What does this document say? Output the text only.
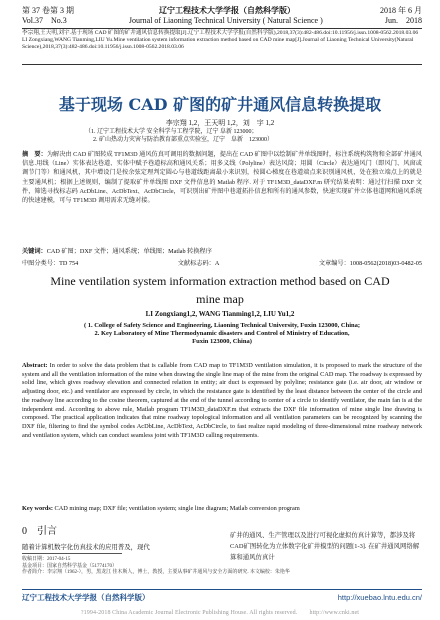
第 37 卷第 3 期	辽宁工程技术大学学报（自然科学版）	2018 年 6 月
Vol.37　No.3	Journal of Liaoning Technical University ( Natural Science )	Jun.　2018
李宗翔,王天明,刘宇.基于现场 CAD 矿图的矿井通风信息转换提取[J].辽宁工程技术大学学报(自然科学版),2018,37(3):482-486.doi:10.11956/j.issn.1008-0562.2018.03.06
LI Zongxiang,WANG Tianming,LIU Yu.Mine ventilation system information extraction method based on CAD mine map[J].Journal of Liaoning Technical University(Natural Science),2018,37(3):482-486.doi:10.11956/j.issn.1008-0562.2018.03.06
基于现场 CAD 矿图的矿井通风信息转换提取
李宗翔 1,2，王天明 1,2，刘　宇 1,2
（1. 辽宁工程技术大学 安全科学与工程学院，辽宁 阜新 123000；
2. 矿山热动力灾害与防治教育部重点实验室，辽宁　阜新　123000）
摘　要：为解决由 CAD 矿图转成 TF1M3D 通风仿真可调用的数据问题，提出在 CAD 矿图中以绘制矿井单线图时，标注系统构筑物和全部矿井通风信息.用线（Line）实体表达巷道、实体中赋予巷道标高和通风关系；用多义线（Polyline）表达风筒；用圆（Circle）表达通风门（即风门、风窗或调节门等）和通风机，其中增设门是按余弦定理判定圆心与巷道线距离最小来识别，按圆心梯度在巷道端点来识别通风机，处在独立端点上的就是主要通风机；根据上述规则，编制了提取矿井单线图 DXF 文件信息的 Matlab 程序. 对于 TF1M3D_dataDXF.m 研究结果表明：通过行扫描 DXF 文件，筛选寻找标志码 AcDbLine、AcDbText、AcDbCircle，可识别出矿井图中巷道拓扑信息和所有的通风参数，快速实现矿井立体巷道网和通风系统的快速建模，可与 TF1M3D 调用需求无缝对接。
关键词：CAD 矿图；DXF 文件；通风系统；单线图；Matlab 转换程序
中图分类号：TD 754	文献标志码：A	文章编号：1008-0562(2018)03-0482-05
Mine ventilation system information extraction method based on CAD mine map
LI Zongxiang1,2, WANG Tianming1,2, LIU Yu1,2
( 1. College of Safety Science and Engineering, Liaoning Technical University, Fuxin 123000, China;
2. Key Laboratory of Mine Thermodynamic disasters and Control of Ministry of Education,
Fuxin 123000, China)
Abstract: In order to solve the data problem that is callable from CAD map to TF1M3D ventilation simulation, it is proposed to mark the structure of the system and all the ventilation information of the mine when drawing the single line map of the mine from the original CAD map. The roadway is expressed by solid line, which gives roadway elevation and connected relation in entity; air duct is expressed by polyline; resistance gate (i.e. air door, air window or adjusting door, etc.) and ventilator are expressed by circle, in which the resistance gate is identified by the least distance between the center of the circle and the roadway line according to the cosine theorem, captured at the end of the tunnel according to center of a circle to identify ventilator, the main fan is at the independent end. According to above rule, Matlab program TF1M3D_dataDXF.m that extracts the DXF file information of mine single line drawing is composed. The practical application indicates that mine roadway topological information and all ventilation parameters can be recognized by scanning the DXF file, filtering to find the symbol codes AcDbLine, AcDbText, AcDbCircle, to fast realize rapid modeling of three-dimensional mine roadway network and ventilation system, which can conduct seamless joint with TF1M3D calling requirements.
Key words: CAD mining map; DXF file; ventilation system; single line diagram; Matlab conversion program
0　引言
随着计算机数字化仿真技术的应用普及，现代
矿井的通风、生产管理以及进行可视化虚拟仿真计算等，都涉及将CAD矿图转化为立体数字化矿井模型的问题[1-3]. 在矿井通风网络解算和通风仿真计
收稿日期：2017-04-15
基金项目：国家自然科学基金（51774170）
作者简介：李宗翔（1962-），男，黑龙江 佳木斯人，博士，教授，主要从事矿井通风与安全方面的研究. 本文编校：朱艳华
辽宁工程技术大学学报（自然科学版）	http://xuebao.lntu.edu.cn/
?1994-2018 China Academic Journal Electronic Publishing House. All rights reserved.　　http://www.cnki.net
